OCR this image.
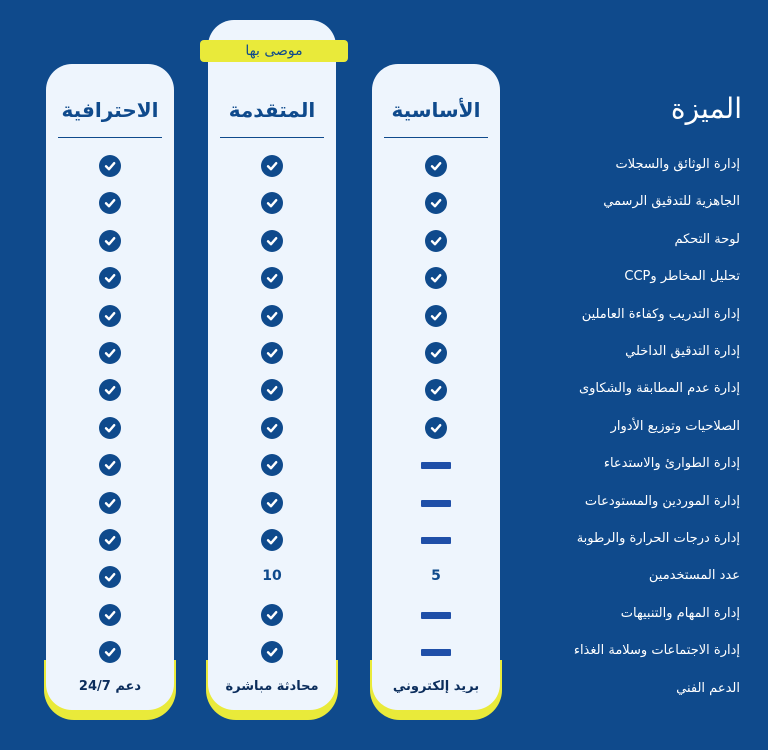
موصى بها
الأساسية
5
بريد إلكتروني
المتقدمة
10
محادثة مباشرة
الاحترافية
دعم 24/7
الميزة
إدارة الوثائق والسجلات
الجاهزية للتدقيق الرسمي
لوحة التحكم
تحليل المخاطر وCCP
إدارة التدريب وكفاءة العاملين
إدارة التدقيق الداخلي
إدارة عدم المطابقة والشكاوى
الصلاحيات وتوزيع الأدوار
إدارة الطوارئ والاستدعاء
إدارة الموردين والمستودعات
إدارة درجات الحرارة والرطوبة
عدد المستخدمين
إدارة المهام والتنبيهات
إدارة الاجتماعات وسلامة الغذاء
الدعم الفني
